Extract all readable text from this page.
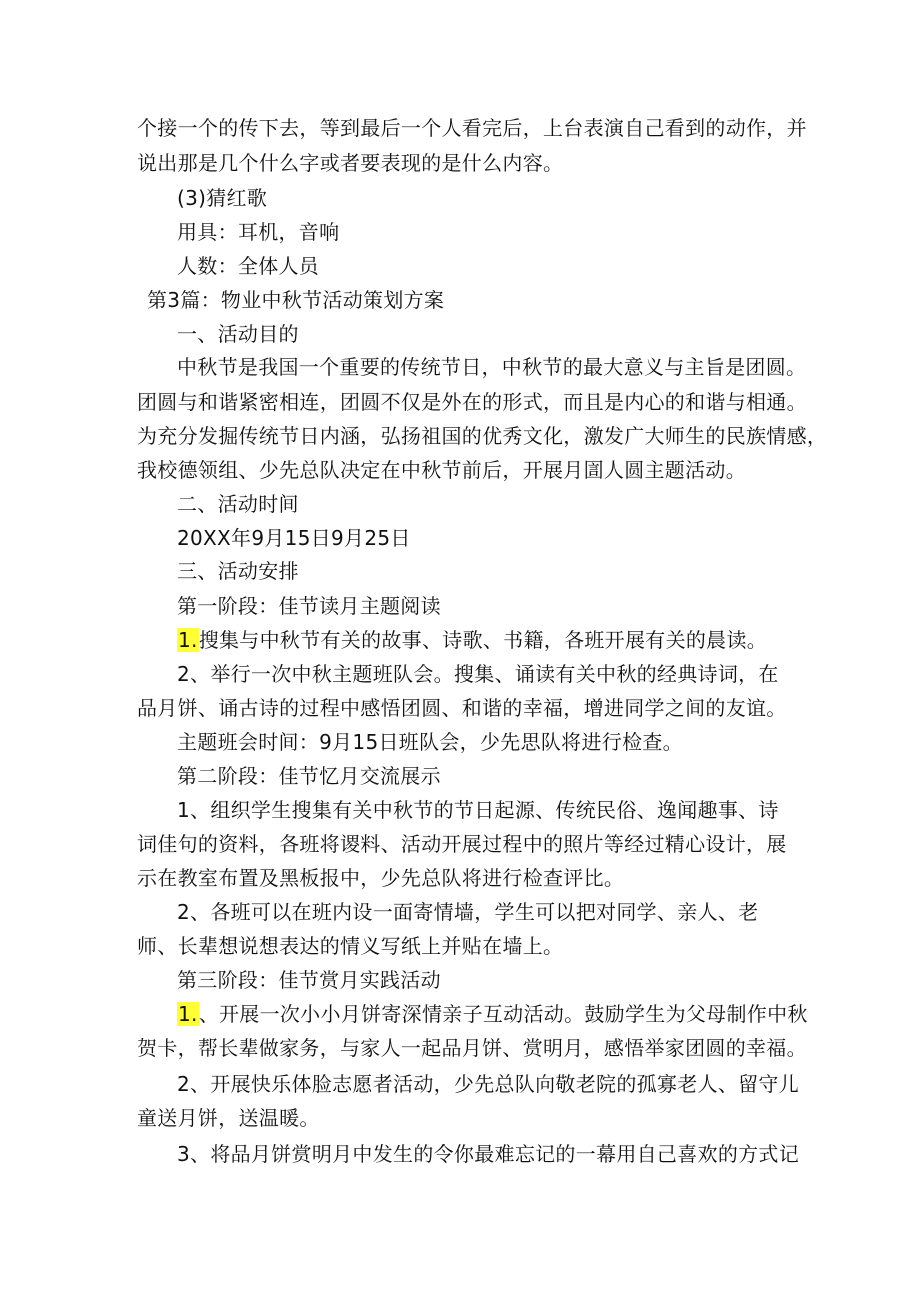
个接一个的传下去，等到最后一个人看完后，上台表演自己看到的动作，并
说出那是几个什么字或者要表现的是什么内容。
(3)猜红歌
用具：耳机，音响
人数：全体人员
第3篇：物业中秋节活动策划方案
一、活动目的
中秋节是我国一个重要的传统节日，中秋节的最大意义与主旨是团圆。
团圆与和谐紧密相连，团圆不仅是外在的形式，而且是内心的和谐与相通。
为充分发掘传统节日内涵，弘扬祖国的优秀文化，激发广大师生的民族情感，
我校德领组、少先总队决定在中秋节前后，开展月圁人圆主题活动。
二、活动时间
20XX年9月15日9月25日
三、活动安排
第一阶段：佳节读月主题阅读
1.搜集与中秋节有关的故事、诗歌、书籍，各班开展有关的晨读。
2、举行一次中秋主题班队会。搜集、诵读有关中秋的经典诗词，在
品月饼、诵古诗的过程中感悟团圆、和谐的幸福，增进同学之间的友谊。
主题班会时间：9月15日班队会，少先思队将进行检查。
第二阶段：佳节忆月交流展示
1、组织学生搜集有关中秋节的节日起源、传统民俗、逸闻趣事、诗
词佳句的资料，各班将谡料、活动开展过程中的照片等经过精心设计，展
示在教室布置及黑板报中，少先总队将进行检查评比。
2、各班可以在班内设一面寄情墙，学生可以把对同学、亲人、老
师、长辈想说想表达的情义写纸上并贴在墙上。
第三阶段：佳节赏月实践活动
1.、开展一次小小月饼寄深情亲子互动活动。鼓励学生为父母制作中秋
贺卡，帮长辈做家务，与家人一起品月饼、赏明月，感悟举家团圆的幸福。
2、开展快乐体脸志愿者活动，少先总队向敬老院的孤寡老人、留守儿
童送月饼，送温暖。
3、将品月饼赏明月中发生的令你最难忘记的一幕用自己喜欢的方式记
